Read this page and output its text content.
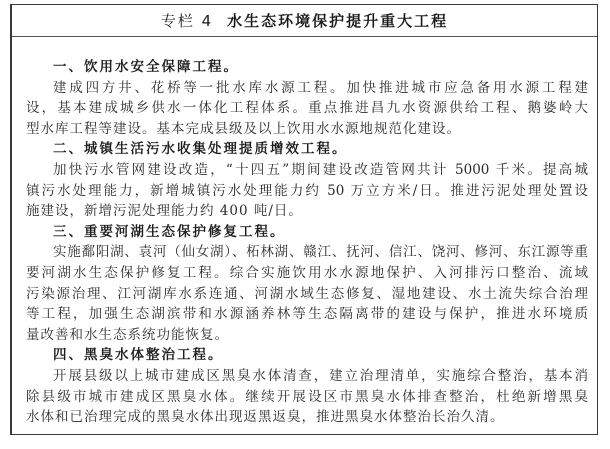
专栏 4 水生态环境保护提升重大工程
一、饮用水安全保障工程。
建成四方井、花桥等一批水库水源工程。加快推进城市应急备用水源工程建
设，基本建成城乡供水一体化工程体系。重点推进昌九水资源供给工程、鹅婆岭大
型水库工程等建设。基本完成县级及以上饮用水水源地规范化建设。
二、城镇生活污水收集处理提质增效工程。
加快污水管网建设改造，“十四五”期间建设改造管网共计 5000 千米。提高城
镇污水处理能力，新增城镇污水处理能力约 50 万立方米/日。推进污泥处理处置设
施建设，新增污泥处理能力约 400 吨/日。
三、重要河湖生态保护修复工程。
实施鄱阳湖、袁河（仙女湖）、柘林湖、赣江、抚河、信江、饶河、修河、东江源等重
要河湖水生态保护修复工程。综合实施饮用水水源地保护、入河排污口整治、流域
污染源治理、江河湖库水系连通、河湖水域生态修复、湿地建设、水土流失综合治理
等工程，加强生态湖滨带和水源涵养林等生态隔离带的建设与保护，推进水环境质
量改善和水生态系统功能恢复。
四、黑臭水体整治工程。
开展县级以上城市建成区黑臭水体清查，建立治理清单，实施综合整治，基本消
除县级市城市建成区黑臭水体。继续开展设区市黑臭水体排查整治，杜绝新增黑臭
水体和已治理完成的黑臭水体出现返黑返臭，推进黑臭水体整治长治久清。
